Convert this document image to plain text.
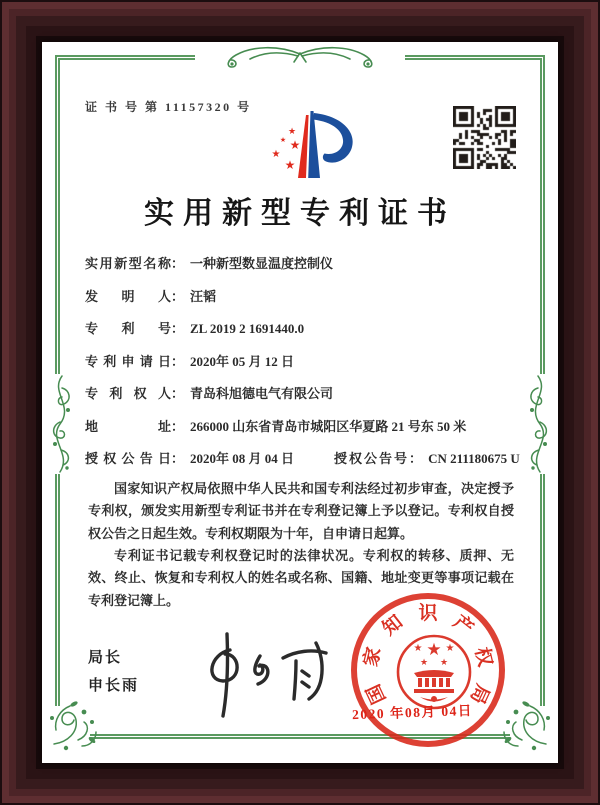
证 书 号 第 11157320 号
★
★ ★
★
★
实用新型专利证书
实用新型名称： 一种新型数显温度控制仪
发明人： 汪韬
专利号： ZL 2019 2 1691440.0
专利申请日： 2020年 05 月 12 日
专利权人： 青岛科旭德电气有限公司
地址： 266000 山东省青岛市城阳区华夏路 21 号东 50 米
授权公告日： 2020年 08 月 04 日	授权公告号： CN 211180675 U

国家知识产权局依照中华人民共和国专利法经过初步审查，决定授予专利权，颁发实用新型专利证书并在专利登记簿上予以登记。专利权自授权公告之日起生效。专利权期限为十年，自申请日起算。

专利证书记载专利权登记时的法律状况。专利权的转移、质押、无效、终止、恢复和专利权人的姓名或名称、国籍、地址变更等事项记载在专利登记簿上。

局长
申长雨	国
家
知 识 产
权
局
★
★ ★
★ ★
2020 年08月 04日
